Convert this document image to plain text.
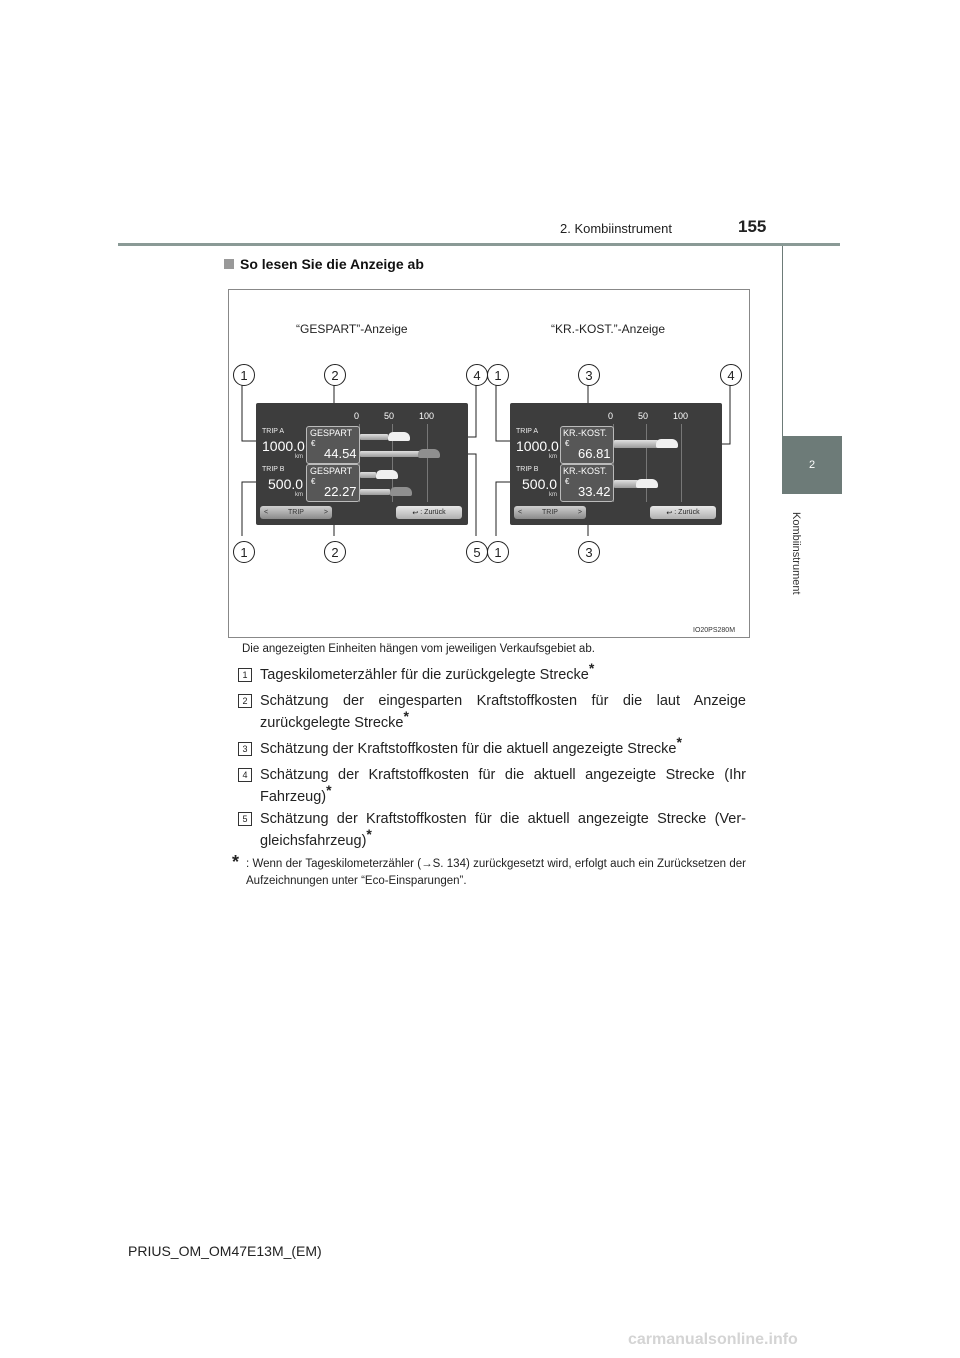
2. Kombiinstrument	155
2
Kombiinstrument
So lesen Sie die Anzeige ab
“GESPART”-Anzeige	“KR.-KOST.”-Anzeige
IO20PS280M
1	2	4	1	3	4
1	2	5	1	3
0	50	100
TRIP A
1000.0
km
GESPART
€
44.54
TRIP B
500.0
km
GESPART
€
22.27
<	TRIP	>	↩ : Zurück
0	50	100
TRIP A
1000.0
km
KR.-KOST.
€
66.81
TRIP B
500.0
km
KR.-KOST.
€
33.42
<	TRIP	>	↩ : Zurück
Die angezeigten Einheiten hängen vom jeweiligen Verkaufsgebiet ab.
1 Tageskilometerzähler für die zurückgelegte Strecke*
2 Schätzung der eingesparten Kraftstoffkosten für die laut Anzeige zurückgelegte Strecke*
3 Schätzung der Kraftstoffkosten für die aktuell angezeigte Strecke*
4 Schätzung der Kraftstoffkosten für die aktuell angezeigte Strecke (Ihr Fahrzeug)*
5 Schätzung der Kraftstoffkosten für die aktuell angezeigte Strecke (Ver-gleichsfahrzeug)*
* : Wenn der Tageskilometerzähler (→S. 134) zurückgesetzt wird, erfolgt auch ein Zurücksetzen der Aufzeichnungen unter “Eco-Einsparungen”.
PRIUS_OM_OM47E13M_(EM)
carmanualsonline.info
